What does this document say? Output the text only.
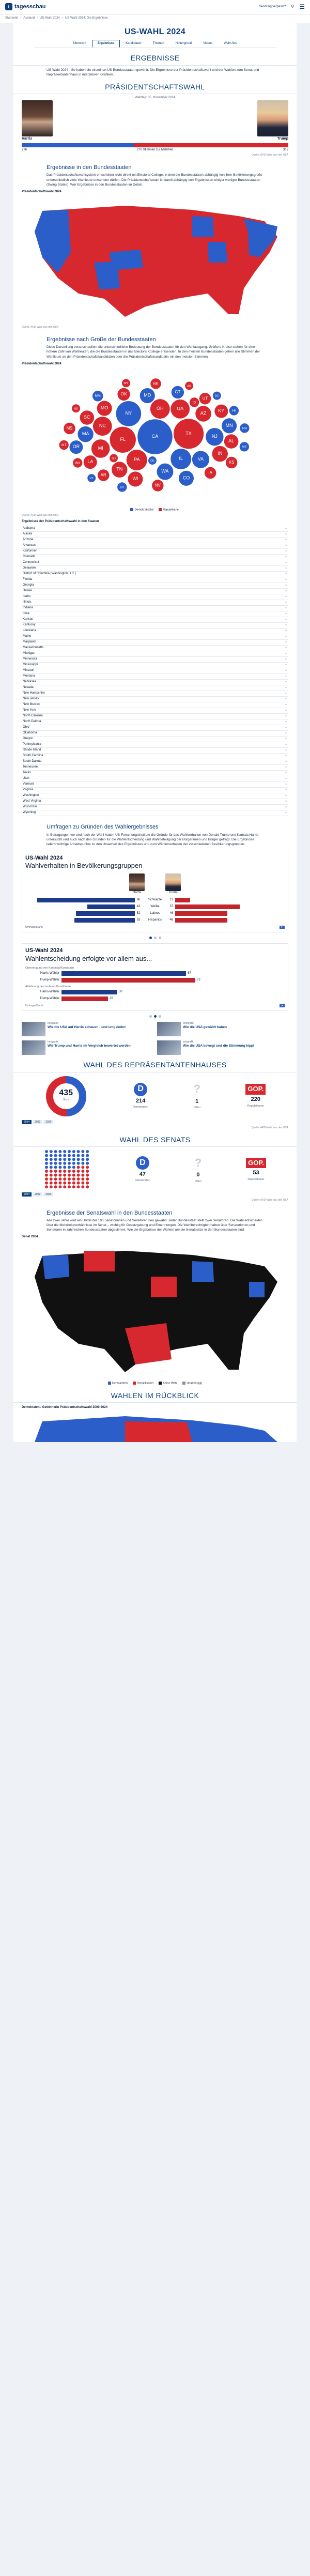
t tagesschau	Sendung verpasst? ⚲ ☰
Startseite › Ausland › US-Wahl 2024 › US-Wahl 2024: Die Ergebnisse
US-WAHL 2024
Übersicht	Ergebnisse	Kandidaten	Themen	Hintergrund	Videos	Wahl Abc
ERGEBNISSE

US-Wahl 2024 - So haben die einzelnen US-Bundesstaaten gewählt. Die Ergebnisse der Präsidentschaftswahl und der Wahlen zum Senat und Repräsentantenhaus in interaktiven Grafiken.

PRÄSIDENTSCHAFTSWAHL
Wahltag: 05. November 2024
Harris	Trump
226	270 Stimmen zur Mehrheit	312
Quelle: ARD-Wahl aus den USA
Ergebnisse in den Bundesstaaten

Das Präsidentschaftswahlsystem entscheidet nicht direkt mit Electoral College, in dem die Bundesstaaten abhängig von ihrer Bevölkerungsgröße unterschiedlich viele Wahlleute entsenden dürfen. Die Präsidentschaftswahl ist damit abhängig von Ergebnissen einiger weniger Bundesstaaten (Swing States). Wer Ergebnisse in den Bundesstaaten im Detail.

Präsidentschaftswahl 2024
Quelle: ARD-Wahl aus den USA
Ergebnisse nach Größe der Bundesstaaten

Diese Darstellung veranschaulicht die unterschiedliche Bedeutung der Bundesstaaten für den Wahlausgang. Größere Kreise stehen für eine höhere Zahl von Wahlleuten, die die Bundesstaaten in das Electoral College entsenden. In den meisten Bundesstaaten gehen alle Stimmen der Wahlleute an den Präsidentschaftskandidaten oder die Präsidentschaftskandidatin mit den meisten Stimmen.

Präsidentschaftswahl 2024
CA
TX
FL
NY
PA	IL
OH	GA
NC
MI
NJ
VA
WA
AZ
TN
MA
IN
MO
MD
WI
MN
CO
SC
AL
LA
KY
OR
OK	CT
UT
IA
NV
AR
MS
KS
NM
NE
ID
WV
HI
NH
ME
RI
MT
DE
SD
ND
AK
DC
VT
WY
Demokratische	Republikaner
Quelle: ARD-Wahl aus den USA
Ergebnisse der Präsidentschaftswahl in den Staaten
Alabama	⌄
Alaska	⌄
Arizona	⌄
Arkansas	⌄
Kalifornien	⌄
Colorado	⌄
Connecticut	⌄
Delaware	⌄
District of Columbia (Washington D.C.)	⌄
Florida	⌄
Georgia	⌄
Hawaii	⌄
Idaho	⌄
Illinois	⌄
Indiana	⌄
Iowa	⌄
Kansas	⌄
Kentucky	⌄
Louisiana	⌄
Maine	⌄
Maryland	⌄
Massachusetts	⌄
Michigan	⌄
Minnesota	⌄
Mississippi	⌄
Missouri	⌄
Montana	⌄
Nebraska	⌄
Nevada	⌄
New Hampshire	⌄
New Jersey	⌄
New Mexico	⌄
New York	⌄
North Carolina	⌄
North Dakota	⌄
Ohio	⌄
Oklahoma	⌄
Oregon	⌄
Pennsylvania	⌄
Rhode Island	⌄
South Carolina	⌄
South Dakota	⌄
Tennessee	⌄
Texas	⌄
Utah	⌄
Vermont	⌄
Virginia	⌄
Washington	⌄
West Virginia	⌄
Wisconsin	⌄
Wyoming	⌄
Umfragen zu Gründen des Wahlergebnisses

In Befragungen vor und nach der Wahl hatten US-Forschungsinstitute die Gründe für das Wahlverhalten von Donald Trump und Kamala Harris untersucht und auch nach den Gründen für die Wahlentscheidung und Wahlbeteiligung der Bürgerinnen und Bürger gefragt. Die Ergebnisse liefern wichtige Anhaltspunkte zu den Ursachen des Ergebnisses und zum Wählerverhalten der verschiedenen Bevölkerungsgruppen.

US-Wahl 2024
Wahlverhalten in Bevölkerungsgruppen
Harris	Trump
86	Schwarze	13
42	Weiße	57
52	Latinos	46
53	Hispanics	46
Umfrage/Stand	➤
US-Wahl 2024
Wahlentscheidung erfolgte vor allem aus...
Überzeugung von Kandidat/Kandidatin
Harris-Wähler	67
Trump-Wähler	72
Ablehnung des anderen Kandidaten
Harris-Wähler	30
Trump-Wähler	25
Umfrage/Stand	➤
Infografik
Wie die USA auf Harris schauen - und umgekehrt
Infografik
Wie die USA gewählt haben
Infografik
Wie Trump und Harris im Vergleich bewertet werden
Infografik
Wie die USA bewegt und die Stimmung kippt
WAHL DES REPRÄSENTANTENHAUSES
435
Sitze
D
214
Demokraten
?
1
Offen
GOP.
220
Republikaner
2024	2022	2020
Quelle: ARD-Wahl aus den USA
WAHL DES SENATS
D
47
Demokraten
?
0
Offen
GOP.
53
Republikaner
2024	2022	2020
Quelle: ARD-Wahl aus den USA
Ergebnisse der Senatswahl in den Bundesstaaten

Alle zwei Jahre wird ein Drittel der 100 Senatorinnen und Senatoren neu gewählt. Jeder Bundesstaat stellt zwei Senatoren. Die Wahl entscheidet über die Mehrheitsverhältnisse im Senat – wichtig für Gesetzgebung und Ernennungen. Die Wahlberechtigten haben über Senatorinnen und Senatoren in zahlreichen Bundesstaaten abgestimmt. Wie die Ergebnisse der Wahlen um die Senatssitze in den Bundesstaaten sind:

Senat 2024
Demokraten	Republikaner	Keine Wahl	Unabhängig
WAHLEN IM RÜCKBLICK
Demokraten / Gewinnerin Präsidentschaftswahl 2000-2024
